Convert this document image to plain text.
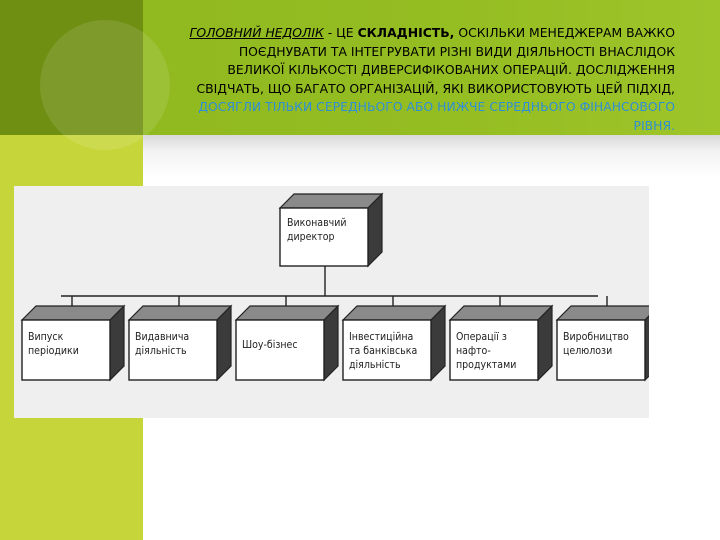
ГОЛОВНИЙ НЕДОЛІК - ЦЕ СКЛАДНІСТЬ, ОСКІЛЬКИ МЕНЕДЖЕРАМ ВАЖКО
ПОЄДНУВАТИ ТА ІНТЕГРУВАТИ РІЗНІ ВИДИ ДІЯЛЬНОСТІ ВНАСЛІДОК
ВЕЛИКОЇ КІЛЬКОСТІ ДИВЕРСИФІКОВАНИХ ОПЕРАЦІЙ. ДОСЛІДЖЕННЯ
СВІДЧАТЬ, ЩО БАГАТО ОРГАНІЗАЦІЙ, ЯКІ ВИКОРИСТОВУЮТЬ ЦЕЙ ПІДХІД,
ДОСЯГЛИ ТІЛЬКИ СЕРЕДНЬОГО АБО НИЖЧЕ СЕРЕДНЬОГО ФІНАНСОВОГО
РІВНЯ.
Виконавчий
директор
Випуск
періодики
Видавнича
діяльність	Шоу-бізнес
Інвестиційна
та банківська
діяльність
Операції з
нафто-
продуктами
Виробництво
целюлози
